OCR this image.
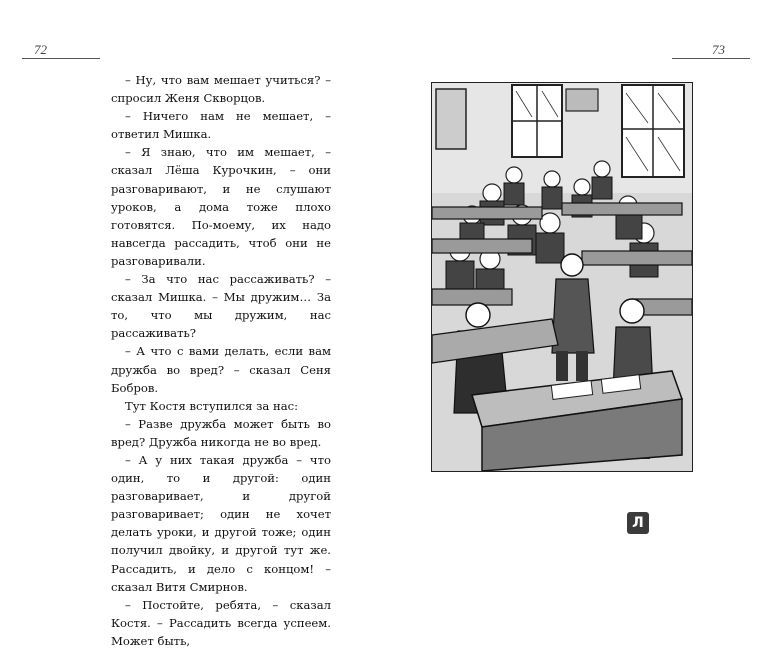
72	73

– Ну, что вам мешает учиться? – спросил Женя Скворцов.

– Ничего нам не мешает, – ответил Мишка.

– Я знаю, что им мешает, – сказал Лёша Курочкин, – они разговаривают, и не слушают уроков, а дома тоже плохо готовятся. По-моему, их надо навсегда рассадить, чтоб они не разговаривали.

– За что нас рассаживать? – сказал Мишка. – Мы дружим… За то, что мы дружим, нас рассаживать?

– А что с вами делать, если вам дружба во вред? – сказал Сеня Бобров.

Тут Костя вступился за нас:

– Разве дружба может быть во вред? Дружба никогда не во вред.

– А у них такая дружба – что один, то и другой: один разговаривает, и другой разговаривает; один не хочет делать уроки, и другой тоже; один получил двойку, и другой тут же. Рассадить, и дело с концом! – сказал Витя Смирнов.

– Постойте, ребята, – сказал Костя. – Рассадить всегда успеем. Может быть,

Л
